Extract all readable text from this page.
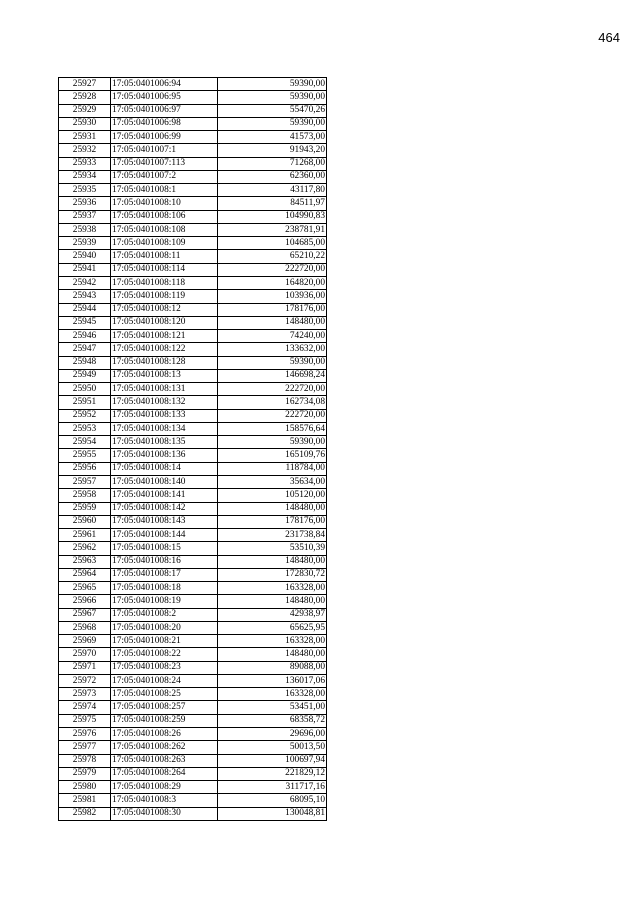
464
25927	17:05:0401006:94	59390,00
25928	17:05:0401006:95	59390,00
25929	17:05:0401006:97	55470,26
25930	17:05:0401006:98	59390,00
25931	17:05:0401006:99	41573,00
25932	17:05:0401007:1	91943,20
25933	17:05:0401007:113	71268,00
25934	17:05:0401007:2	62360,00
25935	17:05:0401008:1	43117,80
25936	17:05:0401008:10	84511,97
25937	17:05:0401008:106	104990,83
25938	17:05:0401008:108	238781,91
25939	17:05:0401008:109	104685,00
25940	17:05:0401008:11	65210,22
25941	17:05:0401008:114	222720,00
25942	17:05:0401008:118	164820,00
25943	17:05:0401008:119	103936,00
25944	17:05:0401008:12	178176,00
25945	17:05:0401008:120	148480,00
25946	17:05:0401008:121	74240,00
25947	17:05:0401008:122	133632,00
25948	17:05:0401008:128	59390,00
25949	17:05:0401008:13	146698,24
25950	17:05:0401008:131	222720,00
25951	17:05:0401008:132	162734,08
25952	17:05:0401008:133	222720,00
25953	17:05:0401008:134	158576,64
25954	17:05:0401008:135	59390,00
25955	17:05:0401008:136	165109,76
25956	17:05:0401008:14	118784,00
25957	17:05:0401008:140	35634,00
25958	17:05:0401008:141	105120,00
25959	17:05:0401008:142	148480,00
25960	17:05:0401008:143	178176,00
25961	17:05:0401008:144	231738,84
25962	17:05:0401008:15	53510,39
25963	17:05:0401008:16	148480,00
25964	17:05:0401008:17	172830,72
25965	17:05:0401008:18	163328,00
25966	17:05:0401008:19	148480,00
25967	17:05:0401008:2	42938,97
25968	17:05:0401008:20	65625,95
25969	17:05:0401008:21	163328,00
25970	17:05:0401008:22	148480,00
25971	17:05:0401008:23	89088,00
25972	17:05:0401008:24	136017,06
25973	17:05:0401008:25	163328,00
25974	17:05:0401008:257	53451,00
25975	17:05:0401008:259	68358,72
25976	17:05:0401008:26	29696,00
25977	17:05:0401008:262	50013,50
25978	17:05:0401008:263	100697,94
25979	17:05:0401008:264	221829,12
25980	17:05:0401008:29	311717,16
25981	17:05:0401008:3	68095,10
25982	17:05:0401008:30	130048,81
